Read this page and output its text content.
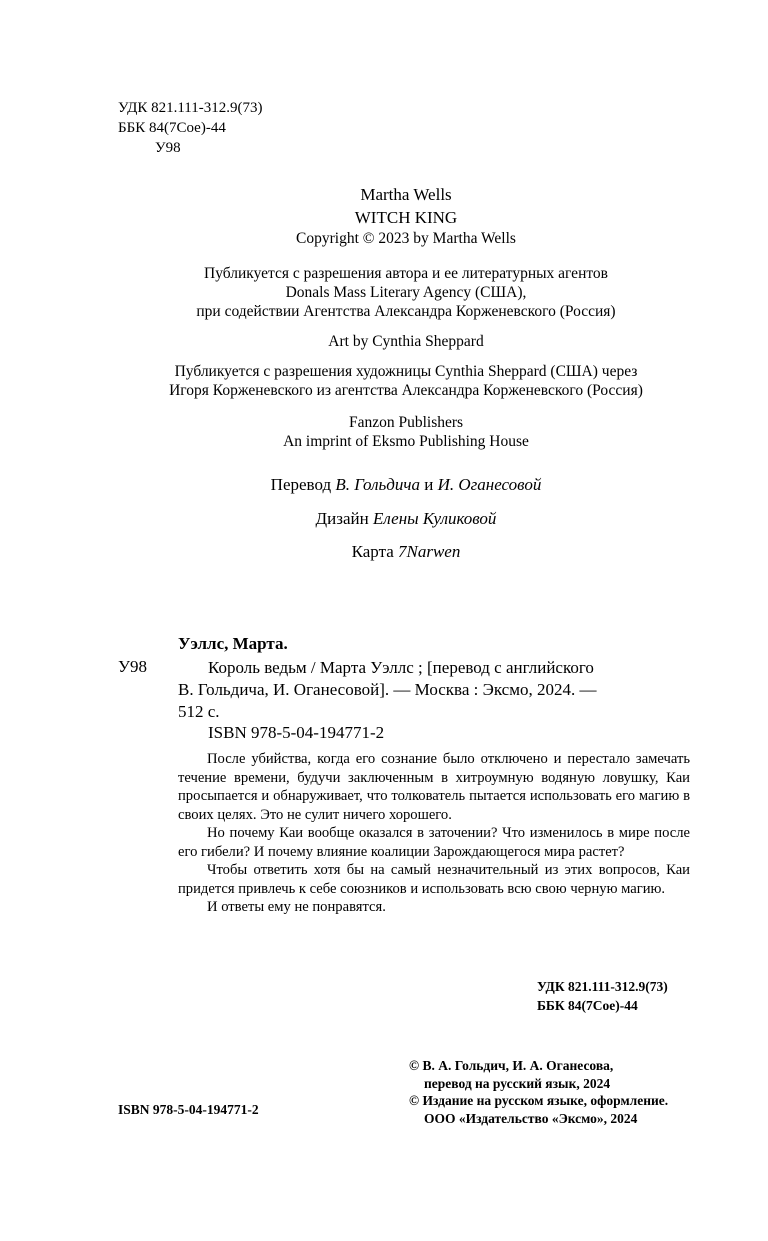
УДК 821.111-312.9(73)
ББК 84(7Сое)-44
У98
Martha Wells
WITCH KING
Copyright © 2023 by Martha Wells
Публикуется с разрешения автора и ее литературных агентов
Donals Mass Literary Agency (США),
при содействии Агентства Александра Корженевского (Россия)
Art by Cynthia Sheppard
Публикуется с разрешения художницы Cynthia Sheppard (США) через
Игоря Корженевского из агентства Александра Корженевского (Россия)
Fanzon Publishers
An imprint of Eksmo Publishing House
Перевод В. Гольдича и И. Оганесовой
Дизайн Елены Куликовой
Карта 7Narwen
Уэллс, Марта.
У98	Король ведьм / Марта Уэллс ; [перевод с английского
В. Гольдича, И. Оганесовой]. — Москва : Эксмо, 2024. —
512 с.
ISBN 978-5-04-194771-2

После убийства, когда его сознание было отключено и перестало замечать течение времени, будучи заключенным в хитроумную водяную ловушку, Каи просыпается и обнаруживает, что толкователь пытается использовать его магию в своих целях. Это не сулит ничего хорошего.

Но почему Каи вообще оказался в заточении? Что изменилось в мире после его гибели? И почему влияние коалиции Зарождающегося мира растет?

Чтобы ответить хотя бы на самый незначительный из этих вопросов, Каи придется привлечь к себе союзников и использовать всю свою черную магию.

И ответы ему не понравятся.

УДК 821.111-312.9(73)
ББК 84(7Сое)-44
ISBN 978-5-04-194771-2
© В. А. Гольдич, И. А. Оганесова,
перевод на русский язык, 2024
© Издание на русском языке, оформление.
ООО «Издательство «Эксмо», 2024
